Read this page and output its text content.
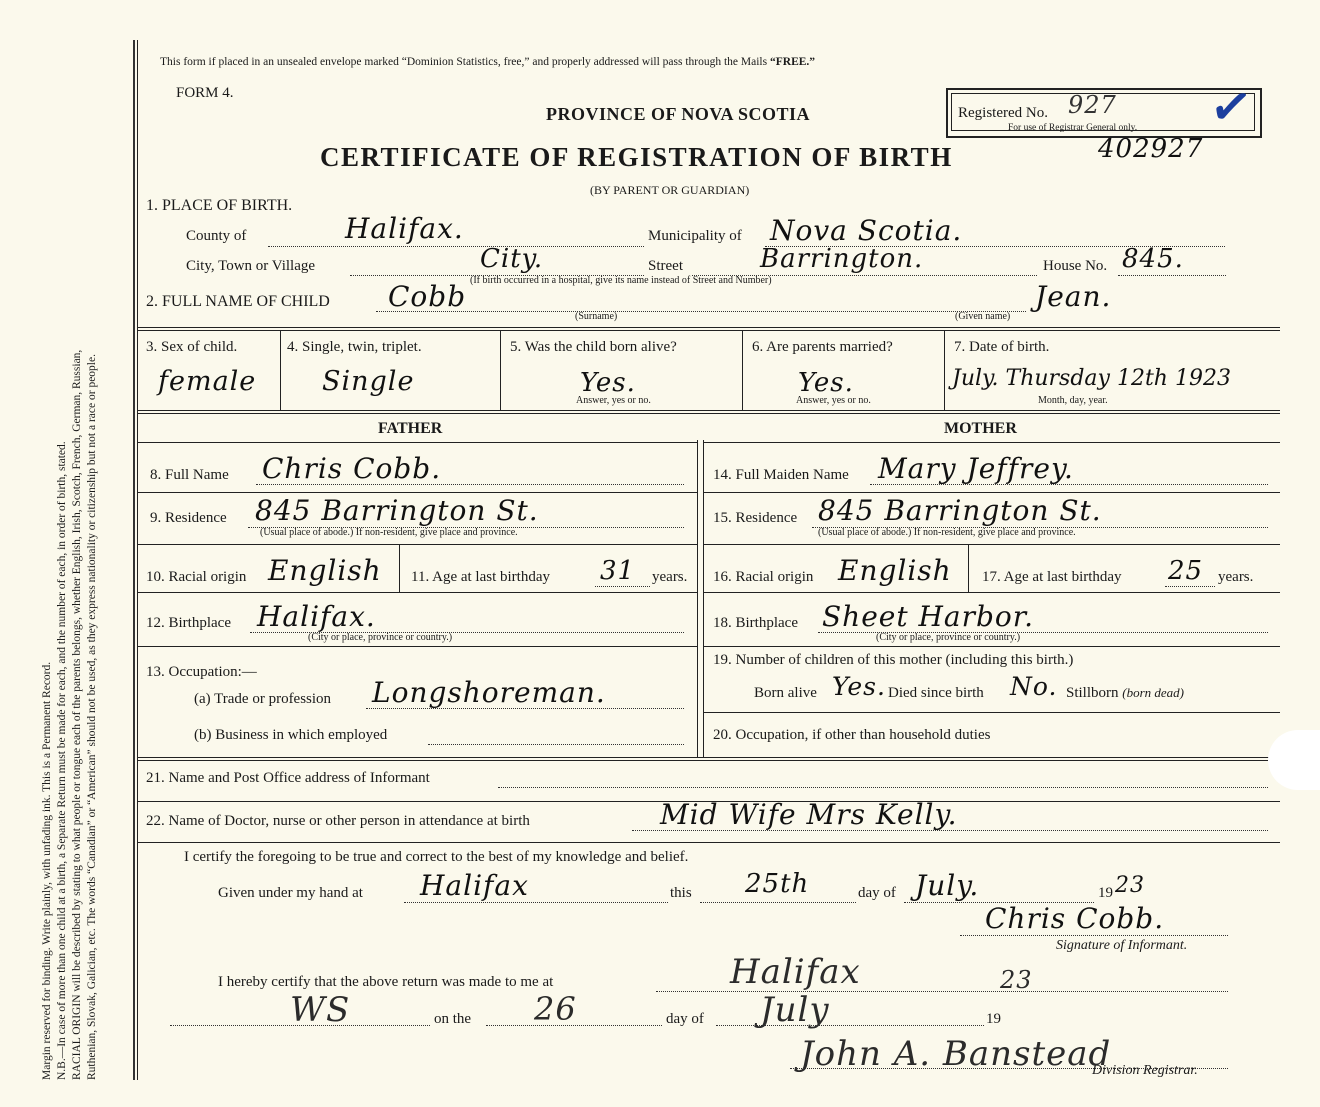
Margin reserved for binding. Write plainly, with unfading ink. This is a Permanent Record. N.B.—In case of more than one child at a birth, a Separate Return must be made for each, and the number of each, in order of birth, stated. RACIAL ORIGIN will be described by stating to what people or tongue each of the parents belongs, whether English, Irish, Scotch, French, German, Russian, Ruthenian, Slovak, Galician, etc. The words “Canadian” or “American” should not be used, as they express nationality or citizenship but not a race or people.
This form if placed in an unsealed envelope marked “Dominion Statistics, free,” and properly addressed will pass through the Mails “FREE.”
FORM 4.
PROVINCE OF NOVA SCOTIA
CERTIFICATE OF REGISTRATION OF BIRTH
(BY PARENT OR GUARDIAN)
Registered No. 927
For use of Registrar General only. ✓
402927
1. PLACE OF BIRTH.
County of	Halifax.	Municipality of Nova Scotia.
City, Town or Village	City.	Street	Barrington.	House No. 845.
(If birth occurred in a hospital, give its name instead of Street and Number)
2. FULL NAME OF CHILD Cobb
(Surname)
Jean.
(Given name)
3. Sex of child.
female
4. Single, twin, triplet.
Single
5. Was the child born alive?
Yes.
Answer, yes or no.
6. Are parents married?
Yes.
Answer, yes or no.
7. Date of birth.
July. Thursday 12th 1923
Month, day, year.
FATHER	MOTHER
8. Full Name Chris Cobb.
9. Residence 845 Barrington St.
(Usual place of abode.) If non-resident, give place and province.
10. Racial origin English 11. Age at last birthday 31 years.
12. Birthplace Halifax.
(City or place, province or country.)
13. Occupation:—
(a) Trade or profession Longshoreman.
(b) Business in which employed
14. Full Maiden Name Mary Jeffrey.
15. Residence 845 Barrington St.
(Usual place of abode.) If non-resident, give place and province.
16. Racial origin English 17. Age at last birthday 25 years.
18. Birthplace Sheet Harbor.
(City or place, province or country.)
19. Number of children of this mother (including this birth.)
Born alive Yes. Died since birth No. Stillborn (born dead)
20. Occupation, if other than household duties
21. Name and Post Office address of Informant
22. Name of Doctor, nurse or other person in attendance at birth	Mid Wife Mrs Kelly.
I certify the foregoing to be true and correct to the best of my knowledge and belief.
Given under my hand at Halifax	this 25th	day of July.	19 23
Chris Cobb.
Signature of Informant.
I hereby certify that the above return was made to me at	Halifax
WS	on the 26	day of July	19
23
John A. Banstead
Division Registrar.
